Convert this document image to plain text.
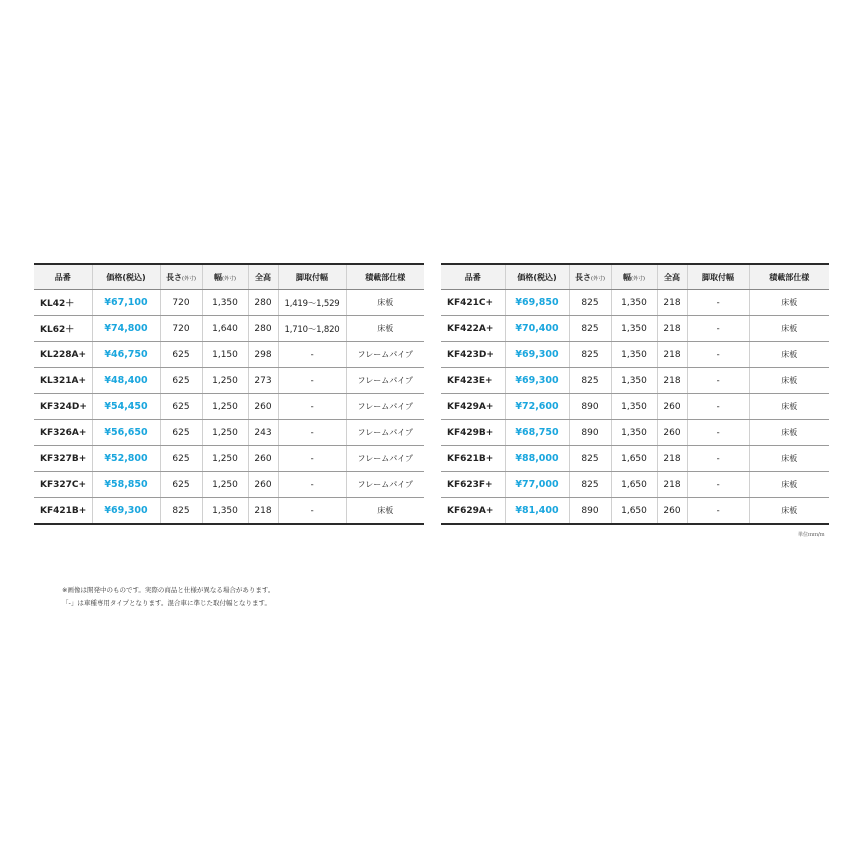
品番	価格(税込)	長さ(外寸)	幅(外寸)	全高	脚取付幅	積載部仕様
KL42＋	¥67,100	720	1,350	280	1,419～1,529	床板
KL62＋	¥74,800	720	1,640	280	1,710～1,820	床板
KL228A+	¥46,750	625	1,150	298	-	フレームパイプ
KL321A+	¥48,400	625	1,250	273	-	フレームパイプ
KF324D+	¥54,450	625	1,250	260	-	フレームパイプ
KF326A+	¥56,650	625	1,250	243	-	フレームパイプ
KF327B+	¥52,800	625	1,250	260	-	フレームパイプ
KF327C+	¥58,850	625	1,250	260	-	フレームパイプ
KF421B+	¥69,300	825	1,350	218	-	床板
品番	価格(税込)	長さ(外寸)	幅(外寸)	全高	脚取付幅	積載部仕様
KF421C+	¥69,850	825	1,350	218	-	床板
KF422A+	¥70,400	825	1,350	218	-	床板
KF423D+	¥69,300	825	1,350	218	-	床板
KF423E+	¥69,300	825	1,350	218	-	床板
KF429A+	¥72,600	890	1,350	260	-	床板
KF429B+	¥68,750	890	1,350	260	-	床板
KF621B+	¥88,000	825	1,650	218	-	床板
KF623F+	¥77,000	825	1,650	218	-	床板
KF629A+	¥81,400	890	1,650	260	-	床板
単位ｍｍ/ｍ
※画像は開発中のものです。実際の商品と仕様が異なる場合があります。
「-」は車種専用タイプとなります。混合車に準じた取付幅となります。
